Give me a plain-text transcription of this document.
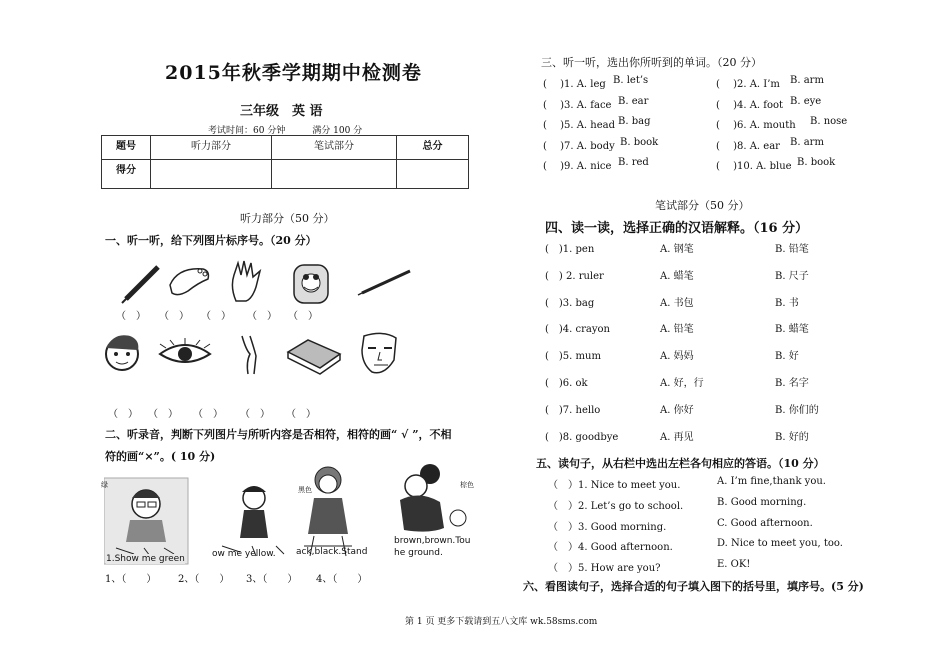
2015年秋季学期期中检测卷
三年级　英 语
考试时间：60 分钟　　　满分 100 分
题号	听力部分	笔试部分	总分
得分			
听力部分（50 分）
一、听一听，给下列图片标序号。（20 分）
（　） （　） （　） （　） （　）
（　） （　） （　） （　） （　）
二、听录音，判断下列图片与所听内容是否相符，相符的画“ √ ”，不相
符的画“×”。( 10 分)
绿
黑色
棕色
1.Show me green	ow me yellow. ack,black.Stand
brown,brown.Tou
he ground.
1、（　　） 2、（　　） 3、（　　） 4、（　　）
三、听一听，选出你所听到的单词。（20 分）
(　 )1. A. leg B. let’s	(　 )2. A. I’m B. arm
(　 )3. A. face B. ear	(　 )4. A. foot B. eye
(　 )5. A. head B. bag	(　 )6. A. mouth B. nose
(　 )7. A. body B. book	(　 )8. A. ear B. arm
(　 )9. A. nice B. red	(　 )10. A. blue B. book
笔试部分（50 分）
四、读一读，选择正确的汉语解释。（16 分）
(　)1. pen	A. 钢笔	B. 铅笔
(　) 2. ruler	A. 蜡笔	B. 尺子
(　)3. bag	A. 书包	B. 书
(　)4. crayon	A. 铅笔	B. 蜡笔
(　)5. mum	A. 妈妈	B. 好
(　)6. ok	A. 好，行	B. 名字
(　)7. hello	A. 你好	B. 你们的
(　)8. goodbye	A. 再见	B. 好的
五、读句子，从右栏中选出左栏各句相应的答语。（10 分）
（　）1. Nice to meet you.	A. I’m fine,thank you.
（　）2. Let’s go to school.	B. Good morning.
（　）3. Good morning.	C. Good afternoon.
（　）4. Good afternoon.	D. Nice to meet you, too.
（　）5. How are you?	E. OK!
六、看图读句子，选择合适的句子填入图下的括号里，填序号。(5 分)
第 1 页 更多下载请到五八文库 wk.58sms.com
